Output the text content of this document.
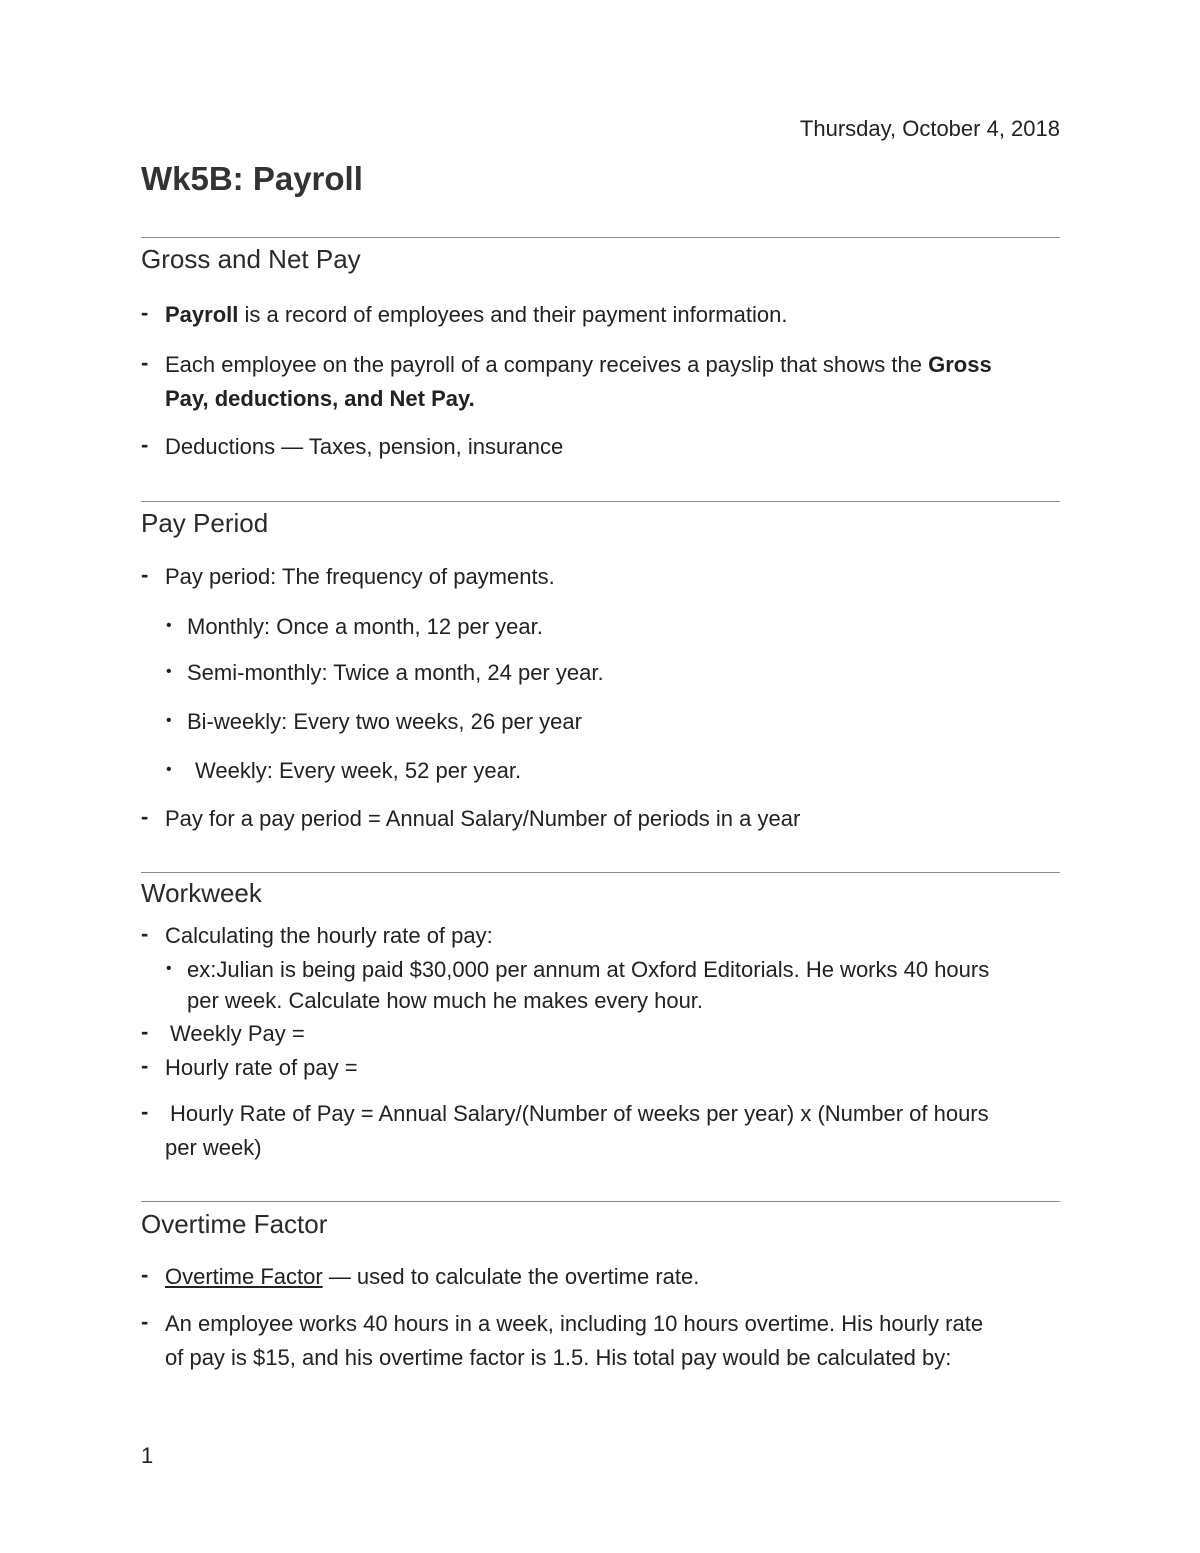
Thursday, October 4, 2018
Wk5B: Payroll
Gross and Net Pay
- Payroll is a record of employees and their payment information.
- Each employee on the payroll of a company receives a payslip that shows the Gross
Pay, deductions, and Net Pay.
- Deductions — Taxes, pension, insurance
Pay Period
- Pay period: The frequency of payments.
• Monthly: Once a month, 12 per year.
• Semi-monthly: Twice a month, 24 per year.
• Bi-weekly: Every two weeks, 26 per year
• Weekly: Every week, 52 per year.
- Pay for a pay period = Annual Salary/Number of periods in a year
Workweek
- Calculating the hourly rate of pay:
• ex:Julian is being paid $30,000 per annum at Oxford Editorials. He works 40 hours
per week. Calculate how much he makes every hour.
- Weekly Pay =
- Hourly rate of pay =
- Hourly Rate of Pay = Annual Salary/(Number of weeks per year) x (Number of hours
per week)
Overtime Factor
- Overtime Factor — used to calculate the overtime rate.
- An employee works 40 hours in a week, including 10 hours overtime. His hourly rate
of pay is $15, and his overtime factor is 1.5. His total pay would be calculated by:
1
